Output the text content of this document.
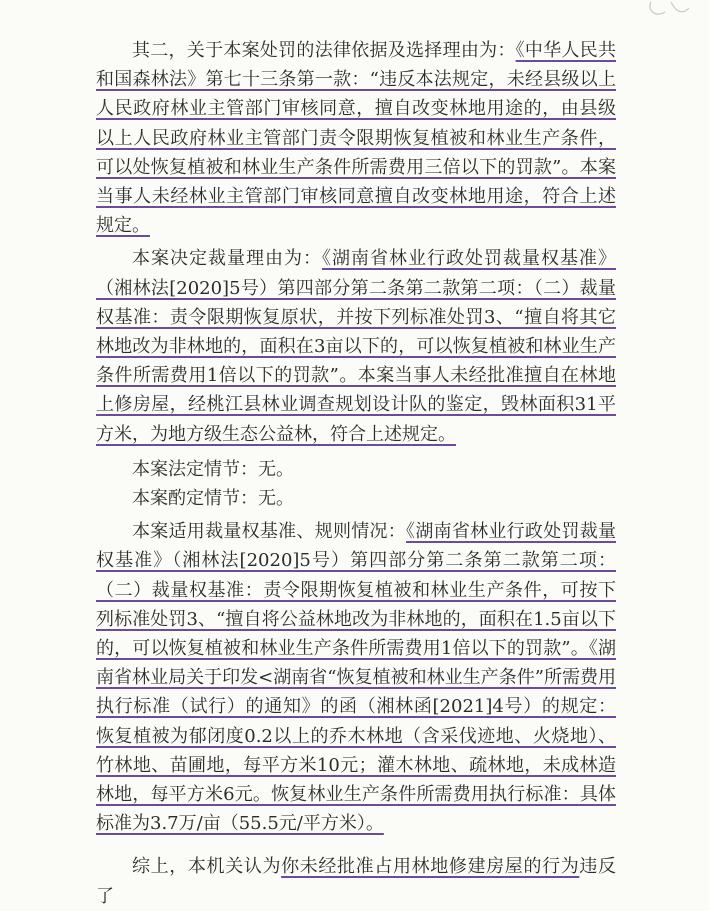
其二，关于本案处罚的法律依据及选择理由为：《中华人民共和国森林法》第七十三条第一款：“违反本法规定，未经县级以上人民政府林业主管部门审核同意，擅自改变林地用途的，由县级以上人民政府林业主管部门责令限期恢复植被和林业生产条件，可以处恢复植被和林业生产条件所需费用三倍以下的罚款”。本案当事人未经林业主管部门审核同意擅自改变林地用途，符合上述规定。
本案决定裁量理由为：《湖南省林业行政处罚裁量权基准》（湘林法[2020]5号）第四部分第二条第二款第二项：（二）裁量权基准：责令限期恢复原状，并按下列标准处罚3、“擅自将其它林地改为非林地的，面积在3亩以下的，可以恢复植被和林业生产条件所需费用1倍以下的罚款”。本案当事人未经批准擅自在林地上修房屋，经桃江县林业调查规划设计队的鉴定，毁林面积31平方米，为地方级生态公益林，符合上述规定。
本案法定情节：无。
本案酌定情节：无。
本案适用裁量权基准、规则情况：《湖南省林业行政处罚裁量权基准》（湘林法[2020]5号）第四部分第二条第二款第二项：（二）裁量权基准：责令限期恢复植被和林业生产条件，可按下列标准处罚3、“擅自将公益林地改为非林地的，面积在1.5亩以下的，可以恢复植被和林业生产条件所需费用1倍以下的罚款”。《湖南省林业局关于印发<湖南省“恢复植被和林业生产条件”所需费用执行标准（试行）的通知》的函（湘林函[2021]4号）的规定：恢复植被为郁闭度0.2以上的乔木林地（含采伐迹地、火烧地）、竹林地、苗圃地，每平方米10元；灌木林地、疏林地，未成林造林地，每平方米6元。恢复林业生产条件所需费用执行标准：具体标准为3.7万/亩（55.5元/平方米）。
综上，本机关认为你未经批准占用林地修建房屋的行为违反了
